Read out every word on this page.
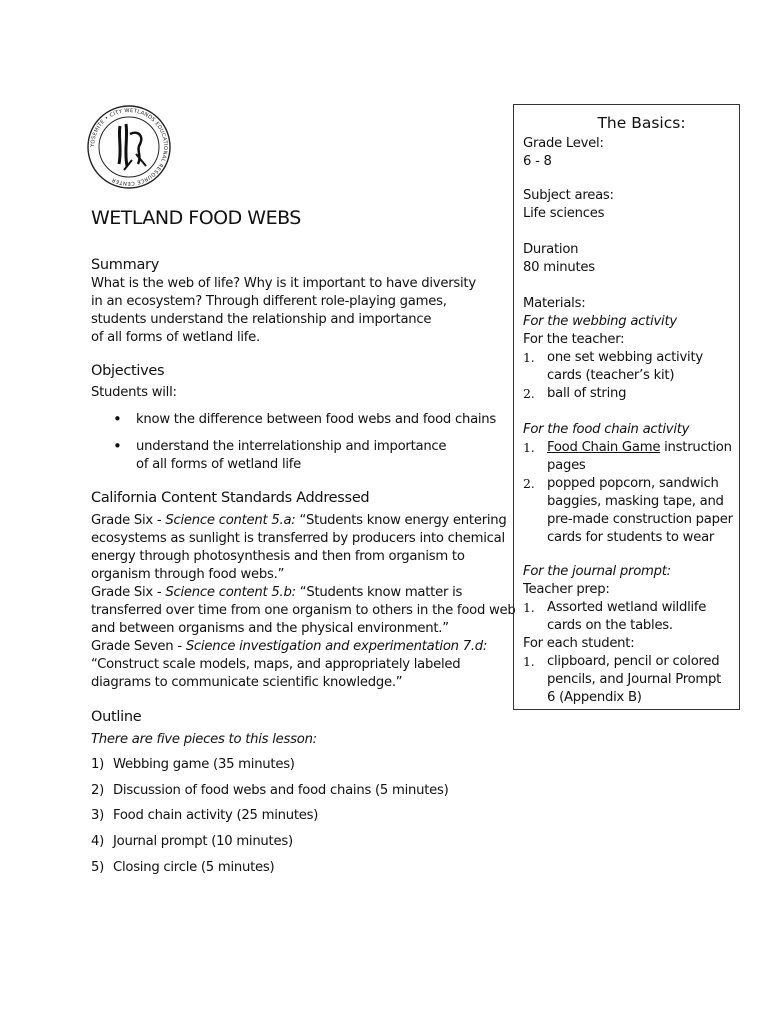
YOSEMITE • CITY WETLANDS EDUCATIONAL RESOURCE CENTER
WETLAND FOOD WEBS
Summary
What is the web of life? Why is it important to have diversity
in an ecosystem? Through different role-playing games,
students understand the relationship and importance
of all forms of wetland life.
Objectives
Students will:
• know the difference between food webs and food chains
• understand the interrelationship and importance
of all forms of wetland life
California Content Standards Addressed
Grade Six - Science content 5.a: “Students know energy entering
ecosystems as sunlight is transferred by producers into chemical
energy through photosynthesis and then from organism to
organism through food webs.”
Grade Six - Science content 5.b: “Students know matter is
transferred over time from one organism to others in the food web
and between organisms and the physical environment.”
Grade Seven - Science investigation and experimentation 7.d:
“Construct scale models, maps, and appropriately labeled
diagrams to communicate scientific knowledge.”
Outline
There are five pieces to this lesson:
1) Webbing game (35 minutes)
2) Discussion of food webs and food chains (5 minutes)
3) Food chain activity (25 minutes)
4) Journal prompt (10 minutes)
5) Closing circle (5 minutes)
The Basics:
Grade Level:
6 - 8
Subject areas:
Life sciences
Duration
80 minutes
Materials:
For the webbing activity
For the teacher:
1. one set webbing activity
cards (teacher’s kit)
2. ball of string
For the food chain activity
1. Food Chain Game instruction
pages
2. popped popcorn, sandwich
baggies, masking tape, and
pre-made construction paper
cards for students to wear
For the journal prompt:
Teacher prep:
1. Assorted wetland wildlife
cards on the tables.
For each student:
1. clipboard, pencil or colored
pencils, and Journal Prompt
6 (Appendix B)
